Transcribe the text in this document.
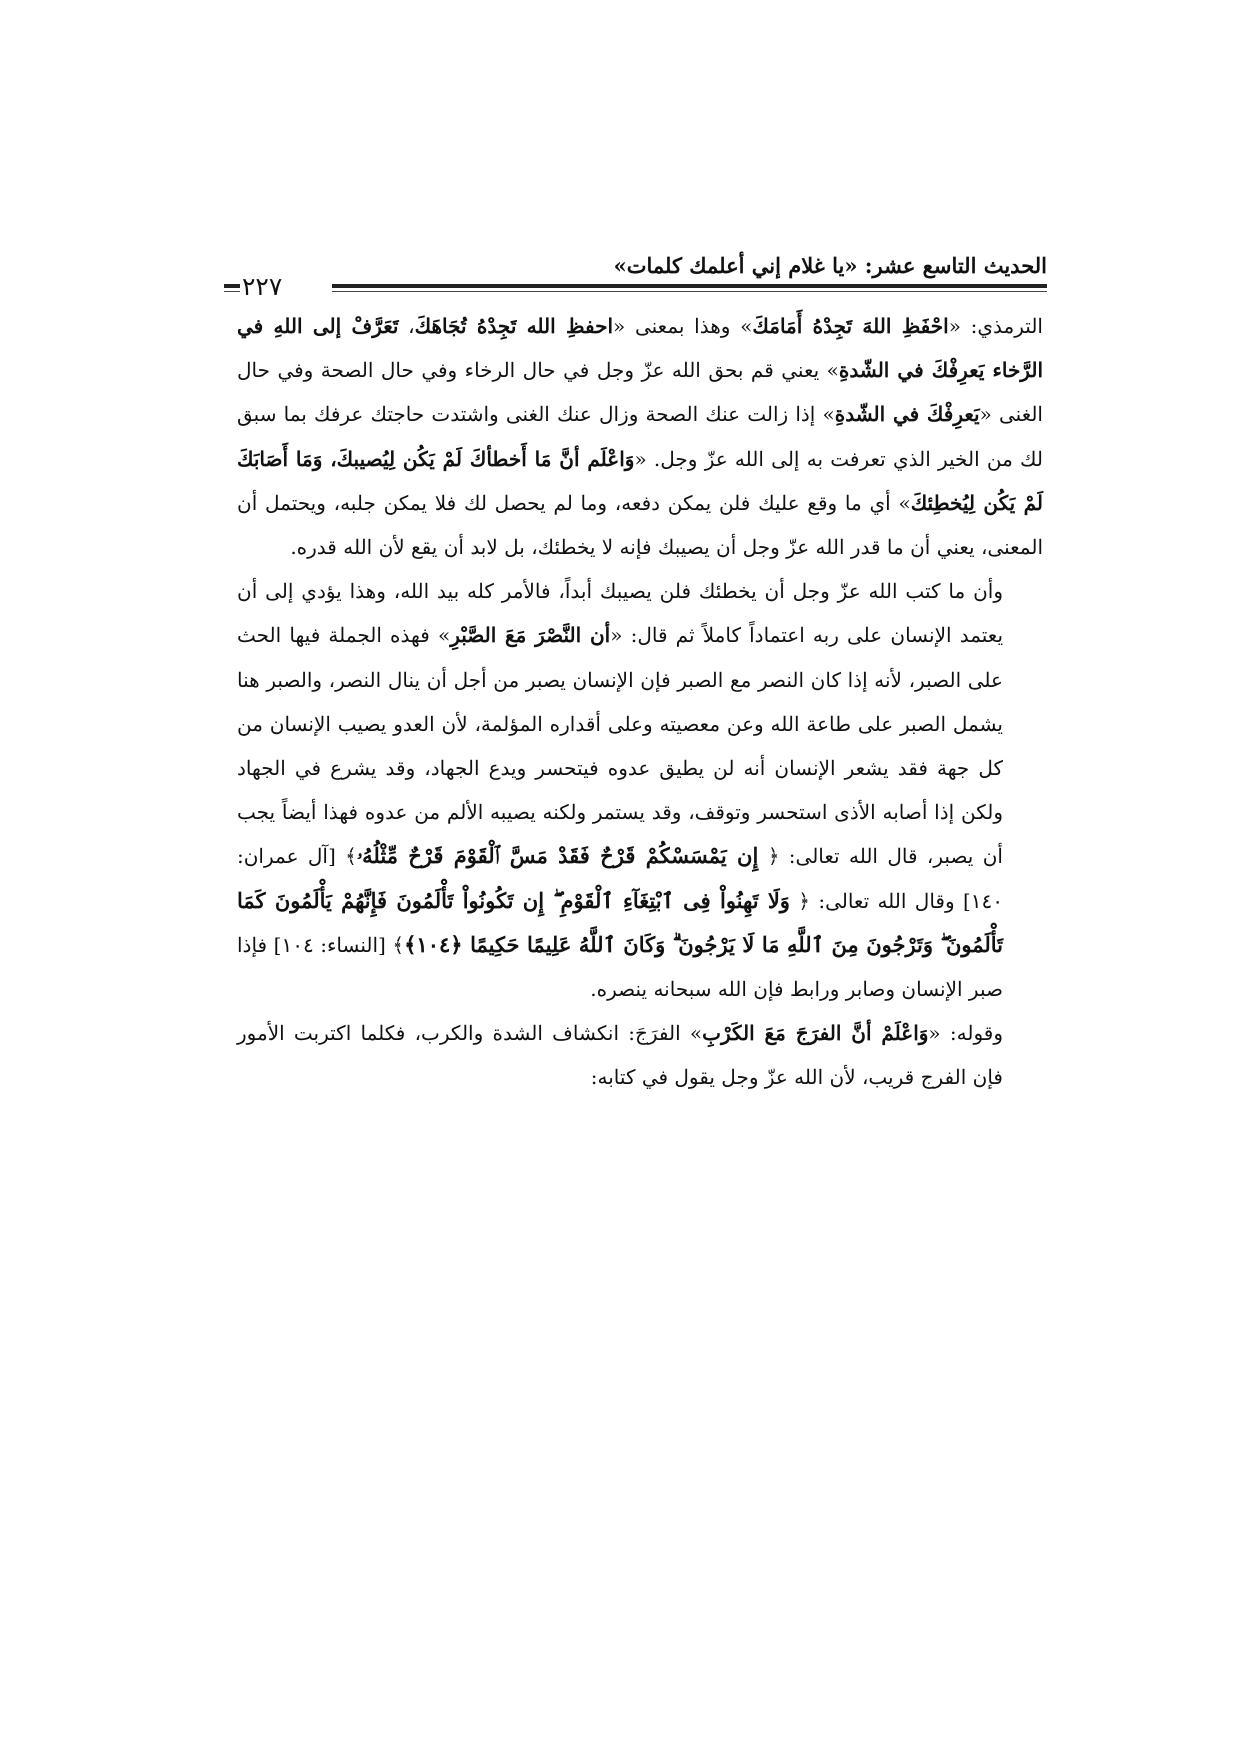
الحديث التاسع عشر: «يا غلام إني أعلمك كلمات»
٢٢٧

الترمذي: «احْفَظِ اللهَ تَجِدْهُ أَمَامَكَ» وهذا بمعنى «احفظِ الله تَجِدْهُ تُجَاهَكَ، تَعَرَّفْ إلى اللهِ في الرَّخاء يَعرِفْكَ في الشّدةِ» يعني قم بحق الله عزّ وجل في حال الرخاء وفي حال الصحة وفي حال الغنى «يَعرِفْكَ في الشّدةِ» إذا زالت عنك الصحة وزال عنك الغنى واشتدت حاجتك عرفك بما سبق لك من الخير الذي تعرفت به إلى الله عزّ وجل. «وَاعْلَم أنَّ مَا أَخطأكَ لَمْ يَكُن لِيُصيبكَ، وَمَا أَصَابَكَ لَمْ يَكُن لِيُخطِئكَ» أي ما وقع عليك فلن يمكن دفعه، وما لم يحصل لك فلا يمكن جلبه، ويحتمل أن المعنى، يعني أن ما قدر الله عزّ وجل أن يصيبك فإنه لا يخطئك، بل لابد أن يقع لأن الله قدره.

وأن ما كتب الله عزّ وجل أن يخطئك فلن يصيبك أبداً، فالأمر كله بيد الله، وهذا يؤدي إلى أن يعتمد الإنسان على ربه اعتماداً كاملاً ثم قال: «أن النَّصْرَ مَعَ الصَّبْرِ» فهذه الجملة فيها الحث على الصبر، لأنه إذا كان النصر مع الصبر فإن الإنسان يصبر من أجل أن ينال النصر، والصبر هنا يشمل الصبر على طاعة الله وعن معصيته وعلى أقداره المؤلمة، لأن العدو يصيب الإنسان من كل جهة فقد يشعر الإنسان أنه لن يطيق عدوه فيتحسر ويدع الجهاد، وقد يشرع في الجهاد ولكن إذا أصابه الأذى استحسر وتوقف، وقد يستمر ولكنه يصيبه الألم من عدوه فهذا أيضاً يجب أن يصبر، قال الله تعالى: ﴿ إِن يَمْسَسْكُمْ قَرْحٌ فَقَدْ مَسَّ ٱلْقَوْمَ قَرْحٌ مِّثْلُهُۥ﴾ [آل عمران: ١٤٠] وقال الله تعالى: ﴿ وَلَا تَهِنُواْ فِى ٱبْتِغَآءِ ٱلْقَوْمِ ۖ إِن تَكُونُواْ تَأْلَمُونَ فَإِنَّهُمْ يَأْلَمُونَ كَمَا تَأْلَمُونَ ۖ وَتَرْجُونَ مِنَ ٱللَّهِ مَا لَا يَرْجُونَ ۗ وَكَانَ ٱللَّهُ عَلِيمًا حَكِيمًا ﴿١٠٤﴾﴾ [النساء: ١٠٤] فإذا صبر الإنسان وصابر ورابط فإن الله سبحانه ينصره.

وقوله: «وَاعْلَمْ أنَّ الفرَجَ مَعَ الكَرْبِ» الفرَجَ: انكشاف الشدة والكرب، فكلما اكتربت الأمور فإن الفرج قريب، لأن الله عزّ وجل يقول في كتابه:
